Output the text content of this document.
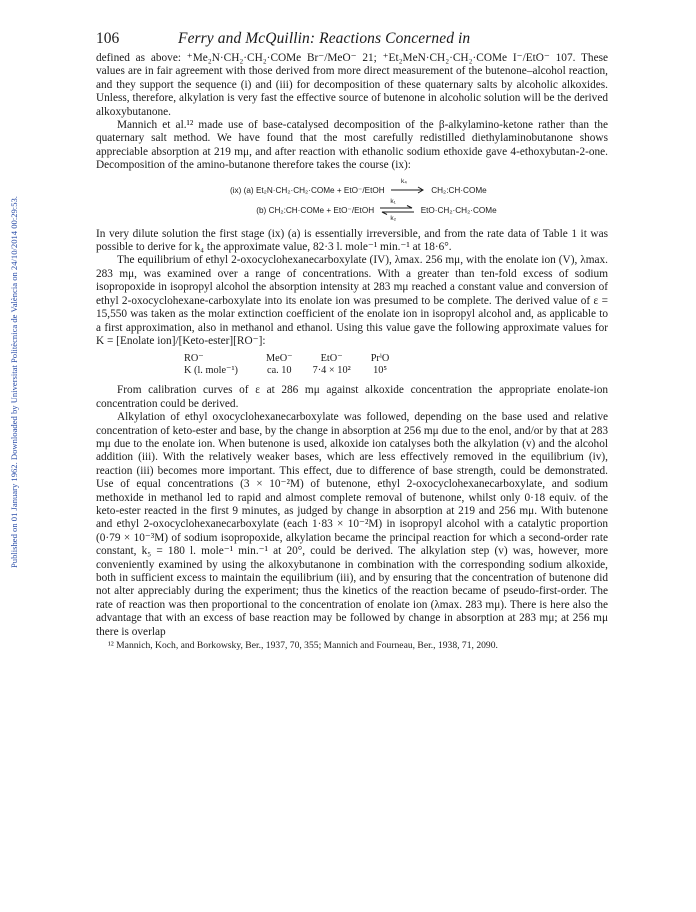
Published on 01 January 1962. Downloaded by Universitat Politècnica de València on 24/10/2014 00:29:53.
106	Ferry and McQuillin: Reactions Concerned in

defined as above: ⁺Me₂N·CH₂·CH₂·COMe Br⁻/MeO⁻ 21; ⁺Et₂MeN·CH₂·CH₂·COMe I⁻/EtO⁻ 107. These values are in fair agreement with those derived from more direct measurement of the butenone–alcohol reaction, and they support the sequence (i) and (iii) for decomposition of these quaternary salts by alcoholic alkoxides. Unless, therefore, alkylation is very fast the effective source of butenone in alcoholic solution will be the derived alkoxybutanone.

Mannich et al.¹² made use of base-catalysed decomposition of the β-alkylamino-ketone rather than the quaternary salt method. We have found that the most carefully redistilled diethylaminobutanone shows appreciable absorption at 219 mμ, and after reaction with ethanolic sodium ethoxide gave 4-ethoxybutan-2-one. Decomposition of the amino-butanone therefore takes the course (ix):

(ix) (a) Et₂N·CH₂·CH₂·COMe + EtO⁻/EtOH
k₄
CH₂:CH·COMe
(b) CH₂:CH·COMe + EtO⁻/EtOH
k₁
k₂
EtO·CH₂·CH₂·COMe

In very dilute solution the first stage (ix) (a) is essentially irreversible, and from the rate data of Table 1 it was possible to derive for k₄ the approximate value, 82·3 l. mole⁻¹ min.⁻¹ at 18·6°.

The equilibrium of ethyl 2-oxocyclohexanecarboxylate (IV), λmax. 256 mμ, with the enolate ion (V), λmax. 283 mμ, was examined over a range of concentrations. With a greater than ten-fold excess of sodium isopropoxide in isopropyl alcohol the absorption intensity at 283 mμ reached a constant value and conversion of ethyl 2-oxocyclohexane-carboxylate into its enolate ion was presumed to be complete. The derived value of ε = 15,550 was taken as the molar extinction coefficient of the enolate ion in isopropyl alcohol and, as applicable to a first approximation, also in methanol and ethanol. Using this value gave the following approximate values for K = [Enolate ion]/[Keto-ester][RO⁻]:

RO⁻	MeO⁻	EtO⁻	PrⁱO
K (l. mole⁻¹)	ca. 10	7·4 × 10²	10⁵

From calibration curves of ε at 286 mμ against alkoxide concentration the appropriate enolate-ion concentration could be derived.

Alkylation of ethyl oxocyclohexanecarboxylate was followed, depending on the base used and relative concentration of keto-ester and base, by the change in absorption at 256 mμ due to the enol, and/or by that at 283 mμ due to the enolate ion. When butenone is used, alkoxide ion catalyses both the alkylation (v) and the alcohol addition (iii). With the relatively weaker bases, which are less effectively removed in the equilibrium (iv), reaction (iii) becomes more important. This effect, due to difference of base strength, could be demonstrated. Use of equal concentrations (3 × 10⁻²M) of butenone, ethyl 2-oxocyclohexanecarboxylate, and sodium methoxide in methanol led to rapid and almost complete removal of butenone, whilst only 0·18 equiv. of the keto-ester reacted in the first 9 minutes, as judged by change in absorption at 219 and 256 mμ. With butenone and ethyl 2-oxocyclohexanecarboxylate (each 1·83 × 10⁻²M) in isopropyl alcohol with a catalytic proportion (0·79 × 10⁻³M) of sodium isopropoxide, alkylation became the principal reaction for which a second-order rate constant, k₅ = 180 l. mole⁻¹ min.⁻¹ at 20°, could be derived. The alkylation step (v) was, however, more conveniently examined by using the alkoxybutanone in combination with the corresponding sodium alkoxide, both in sufficient excess to maintain the equilibrium (iii), and by ensuring that the concentration of butenone did not alter appreciably during the experiment; thus the kinetics of the reaction became of pseudo-first-order. The rate of reaction was then proportional to the concentration of enolate ion (λmax. 283 mμ). There is here also the advantage that with an excess of base reaction may be followed by change in absorption at 283 mμ; at 256 mμ there is overlap

¹² Mannich, Koch, and Borkowsky, Ber., 1937, 70, 355; Mannich and Fourneau, Ber., 1938, 71, 2090.
